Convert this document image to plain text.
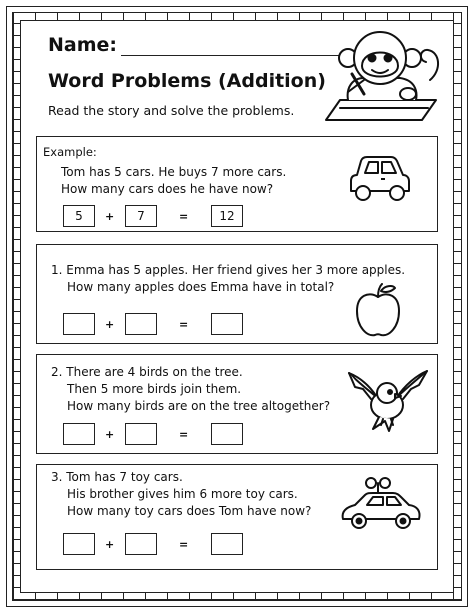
Name:
Word Problems (Addition)
Read the story and solve the problems.
Example:
Tom has 5 cars. He buys 7 more cars.
How many cars does he have now?
5	+	7	=	12
1. Emma has 5 apples. Her friend gives her 3 more apples.
How many apples does Emma have in total?
+	=
2. There are 4 birds on the tree.
Then 5 more birds join them.
How many birds are on the tree altogether?
+	=
3. Tom has 7 toy cars.
His brother gives him 6 more toy cars.
How many toy cars does Tom have now?
+	=
